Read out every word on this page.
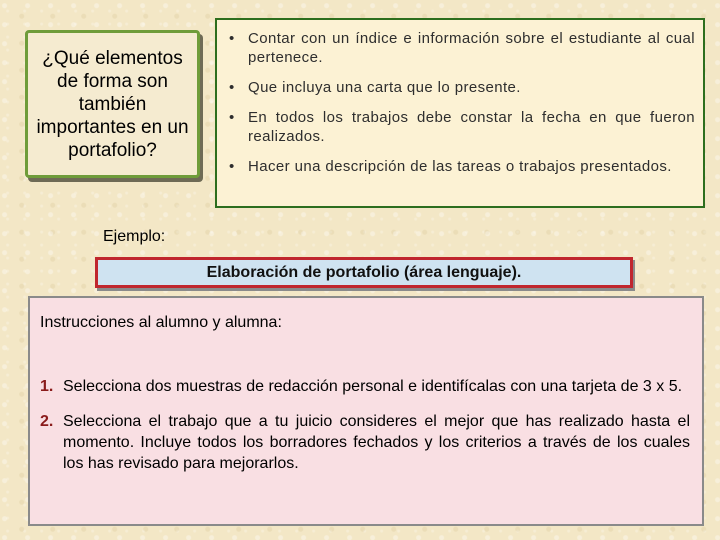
¿Qué elementos de forma son también importantes en un portafolio?
• Contar con un índice e información sobre el estudiante al cual pertenece.
• Que incluya una carta que lo presente.
• En todos los trabajos debe constar la fecha en que fueron realizados.
• Hacer una descripción de las tareas o trabajos presentados.
Ejemplo:
Elaboración de portafolio (área lenguaje).

Instrucciones al alumno y alumna:

1. Selecciona dos muestras de redacción personal e identifícalas con una tarjeta de 3 x 5.
2. Selecciona el trabajo que a tu juicio consideres el mejor que has realizado hasta el momento. Incluye todos los borradores fechados y los criterios a través de los cuales los has revisado para mejorarlos.
